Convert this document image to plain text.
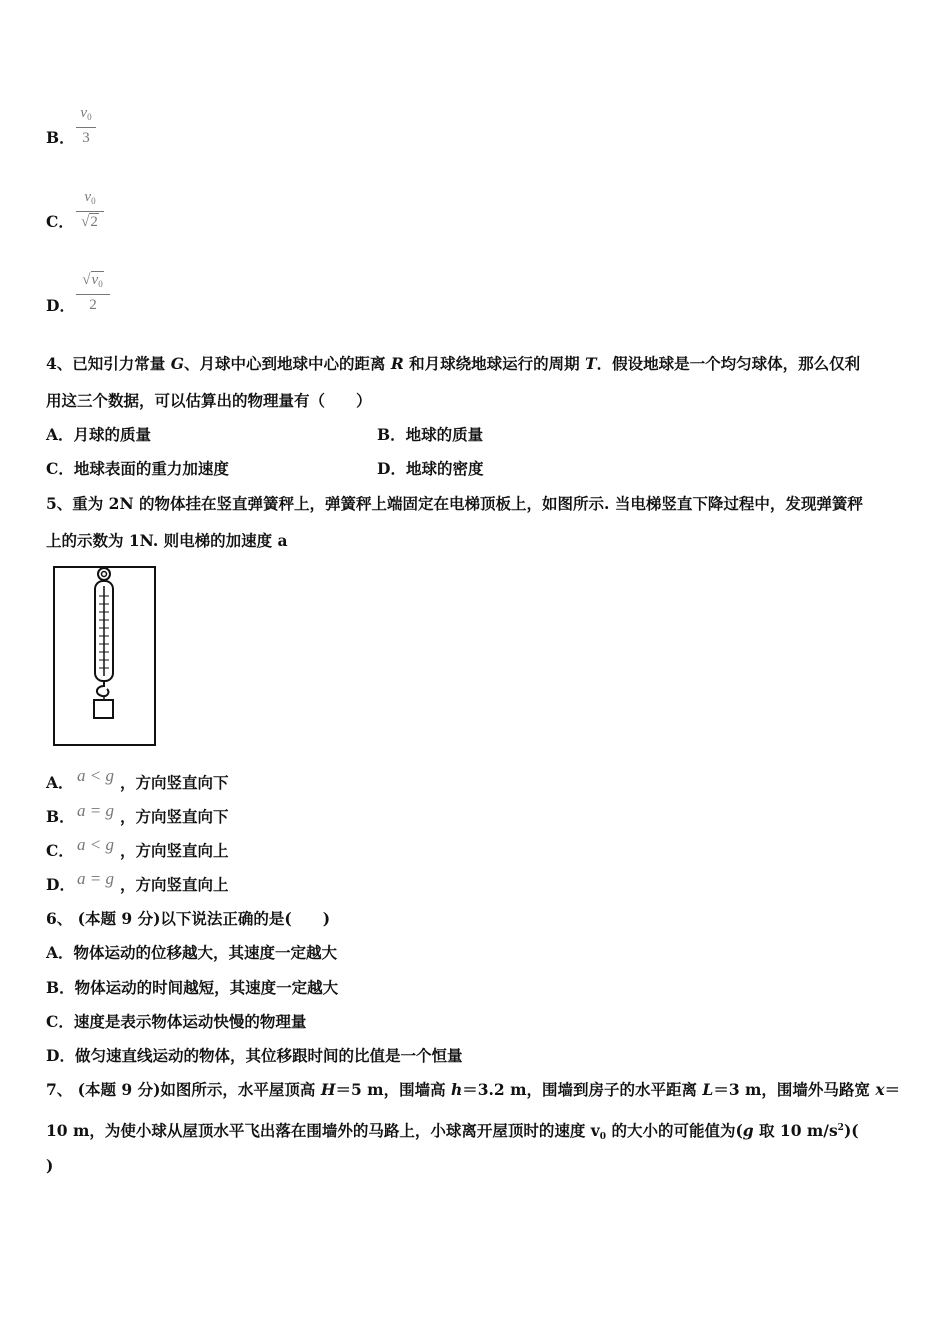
B．
$v_0$
3
C．
$v_0$
√2
D．
$√v_0$
2
4、已知引力常量 G、月球中心到地球中心的距离 R 和月球绕地球运行的周期 T．假设地球是一个均匀球体，那么仅利
用这三个数据，可以估算出的物理量有（　　）
A．月球的质量	B．地球的质量
C．地球表面的重力加速度	D．地球的密度
5、重为 2N 的物体挂在竖直弹簧秤上，弹簧秤上端固定在电梯顶板上，如图所示. 当电梯竖直下降过程中，发现弹簧秤
上的示数为 1N. 则电梯的加速度 a
A． a < g ，方向竖直向下
B． a = g ，方向竖直向下
C． a < g ，方向竖直向上
D． a = g ，方向竖直向上
6、 (本题 9 分)以下说法正确的是(　　)
A．物体运动的位移越大，其速度一定越大
B．物体运动的时间越短，其速度一定越大
C．速度是表示物体运动快慢的物理量
D．做匀速直线运动的物体，其位移跟时间的比值是一个恒量
7、 (本题 9 分)如图所示，水平屋顶高 H＝5 m，围墙高 h＝3.2 m，围墙到房子的水平距离 L＝3 m，围墙外马路宽 x＝
10 m，为使小球从屋顶水平飞出落在围墙外的马路上，小球离开屋顶时的速度 $v_0$ 的大小的可能值为(g 取 10 $m/s^2$)(
)
